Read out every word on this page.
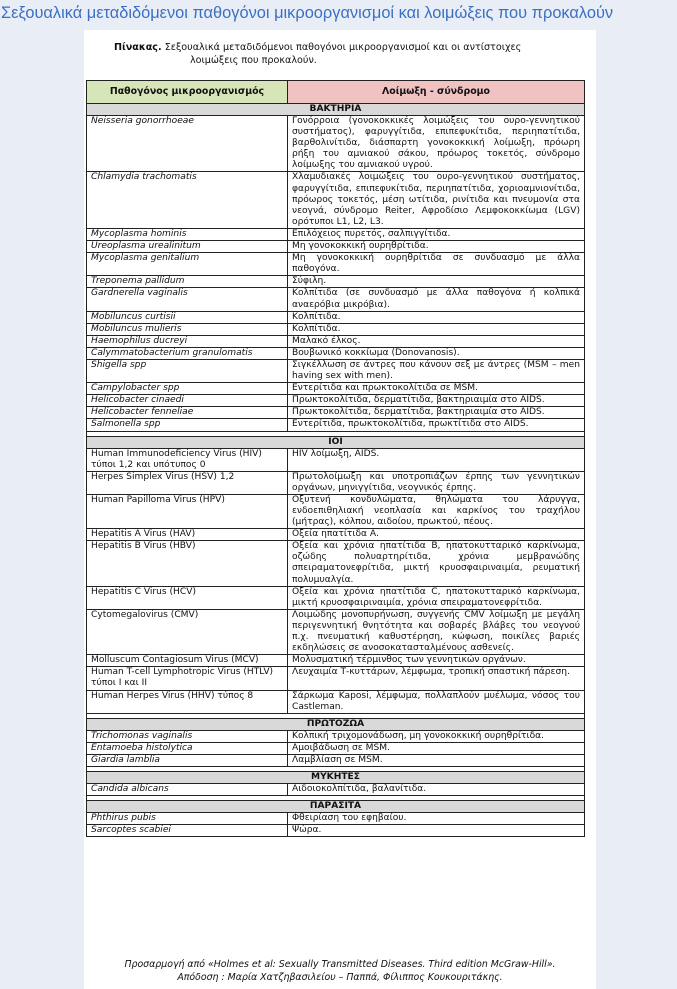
Σεξουαλικά μεταδιδόμενοι παθογόνοι μικροοργανισμοί και λοιμώξεις που προκαλούν
Πίνακας. Σεξουαλικά μεταδιδόμενοι παθογόνοι μικροοργανισμοί και οι αντίστοιχες
λοιμώξεις που προκαλούν.
Παθογόνος μικροοργανισμός	Λοίμωξη - σύνδρομο
ΒΑΚΤΗΡΙΑ	
Neisseria gonorrhoeae	Γονόρροια (γονοκοκκικές λοιμώξεις του ουρο-γεννητικού συστήματος), φαρυγγίτιδα, επιπεφυκίτιδα, περιηπατίτιδα, βαρθολινίτιδα, διάσπαρτη γονοκοκκική λοίμωξη, πρόωρη ρήξη του αμνιακού σάκου, πρόωρος τοκετός, σύνδρομο λοίμωξης του αμνιακού υγρού.
Chlamydia trachomatis	Χλαμυδιακές λοιμώξεις του ουρο-γεννητικού συστήματος, φαρυγγίτιδα, επιπεφυκίτιδα, περιηπατίτιδα, χοριοαμνιονίτιδα, πρόωρος τοκετός, μέση ωτίτιδα, ρινίτιδα και πνευμονία στα νεογνά, σύνδρομο Reiter, Αφροδίσιο Λεμφοκοκκίωμα (LGV) ορότυποι L1, L2, L3.
Mycoplasma hominis	Επιλόχειος πυρετός, σαλπιγγίτιδα.
Ureoplasma urealinitum	Μη γονοκοκκική ουρηθρίτιδα.
Mycoplasma genitalium	Μη γονοκοκκική ουρηθρίτιδα σε συνδυασμό με άλλα παθογόνα.
Treponema pallidum	Σύφιλη.
Gardnerella vaginalis	Κολπίτιδα (σε συνδυασμό με άλλα παθογόνα ή κολπικά αναερόβια μικρόβια).
Mobiluncus curtisii	Κολπίτιδα.
Mobiluncus mulieris	Κολπίτιδα.
Haemophilus ducreyi	Μαλακό έλκος.
Calymmatobacterium granulomatis	Βουβωνικό κοκκίωμα (Donovanosis).
Shigella spp	Σιγκέλλωση σε άντρες που κάνουν σεξ με άντρες (MSM – men having sex with men).
Campylobacter spp	Εντερίτιδα και πρωκτοκολίτιδα σε MSM.
Helicobacter cinaedi	Πρωκτοκολίτιδα, δερματίτιδα, βακτηριαιμία στο AIDS.
Helicobacter fenneliae	Πρωκτοκολίτιδα, δερματίτιδα, βακτηριαιμία στο AIDS.
Salmonella spp	Εντερίτιδα, πρωκτοκολίτιδα, πρωκτίτιδα στο AIDS.

ΙΟΙ	
Human Immunodeficiency Virus (HIV) τύποι 1,2 και υπότυπος 0	HIV λοίμωξη, AIDS.
Herpes Simplex Virus (HSV) 1,2	Πρωτολοίμωξη και υποτροπιάζων έρπης των γεννητικών οργάνων, μηνιγγίτιδα, νεογνικός έρπης.
Human Papilloma Virus (HPV)	Οξυτενή κονδυλώματα, θηλώματα του λάρυγγα, ενδοεπιθηλιακή νεοπλασία και καρκίνος του τραχήλου (μήτρας), κόλπου, αιδοίου, πρωκτού, πέους.
Hepatitis A Virus (HAV)	Οξεία ηπατίτιδα Α.
Hepatitis B Virus (HBV)	Οξεία και χρόνια ηπατίτιδα Β, ηπατοκυτταρικό καρκίνωμα, οζώδης πολυαρτηρίτιδα, χρόνια μεμβρανώδης σπειραματονεφρίτιδα, μικτή κρυοσφαιριναιμία, ρευματική πολυμυαλγία.
Hepatitis C Virus (HCV)	Οξεία και χρόνια ηπατίτιδα C, ηπατοκυτταρικό καρκίνωμα, μικτή κρυοσφαιριναιμία, χρόνια σπειραματονεφρίτιδα.
Cytomegalovirus (CMV)	Λοιμώδης μονοπυρήνωση, συγγενής CMV λοίμωξη με μεγάλη περιγεννητική θνητότητα και σοβαρές βλάβες του νεογνού π.χ. πνευματική καθυστέρηση, κώφωση, ποικίλες βαριές εκδηλώσεις σε ανοσοκατασταλμένους ασθενείς.
Molluscum Contagiosum Virus (MCV)	Μολυσματική τέρμινθος των γεννητικών οργάνων.
Human T-cell Lymphotropic Virus (HTLV) τύποι I και II	Λευχαιμία Τ-κυττάρων, λέμφωμα, τροπική σπαστική πάρεση.
Human Herpes Virus (HHV) τύπος 8	Σάρκωμα Kaposi, λέμφωμα, πολλαπλούν μυέλωμα, νόσος του Castleman.

ΠΡΩΤΟΖΩΑ	
Trichomonas vaginalis	Κολπική τριχομονάδωση, μη γονοκοκκική ουρηθρίτιδα.
Entamoeba histolytica	Αμοιβάδωση σε MSM.
Giardia lamblia	Λαμβλίαση σε MSM.

ΜΥΚΗΤΕΣ	
Candida albicans	Αιδοιοκολπίτιδα, βαλανίτιδα.

ΠΑΡΑΣΙΤΑ	
Phthirus pubis	Φθειρίαση του εφηβαίου.
Sarcoptes scabiei	Ψώρα.
Προσαρμογή από «Holmes et al: Sexually Transmitted Diseases. Third edition McGraw-Hill».
Απόδοση : Μαρία Χατζηβασιλείου – Παππά, Φίλιππος Κουκουριτάκης.
